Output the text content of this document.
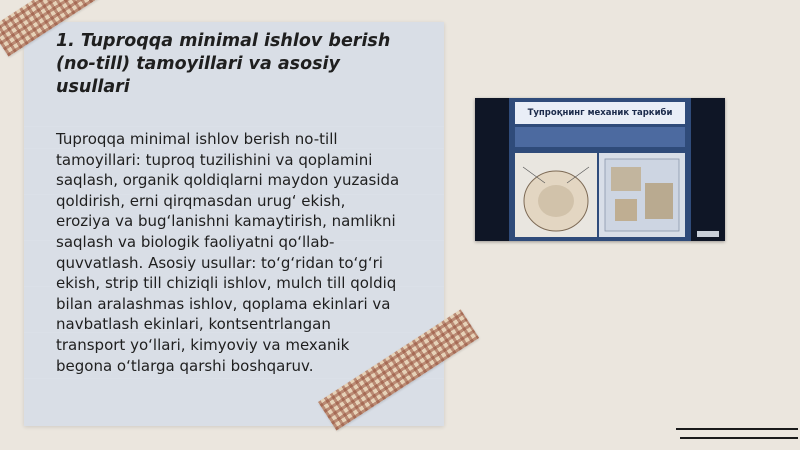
1. Tuproqqa minimal ishlov berish (no-till) tamoyillari va asosiy usullari

Tuproqqa minimal ishlov berish no-till tamoyillari: tuproq tuzilishini va qoplamini saqlash, organik qoldiqlarni maydon yuzasida qoldirish, erni qirqmasdan urug‘ ekish, eroziya va bug‘lanishni kamaytirish, namlikni saqlash va biologik faoliyatni qo‘llab-quvvatlash. Asosiy usullar: to‘g‘ridan to‘g‘ri ekish, strip till chiziqli ishlov, mulch till qoldiq bilan aralashmas ishlov, qoplama ekinlari va navbatlash ekinlari, kontsentrlangan transport yo‘llari, kimyoviy va mexanik begona o‘tlarga qarshi boshqaruv.

Тупроқнинг механик таркиби
